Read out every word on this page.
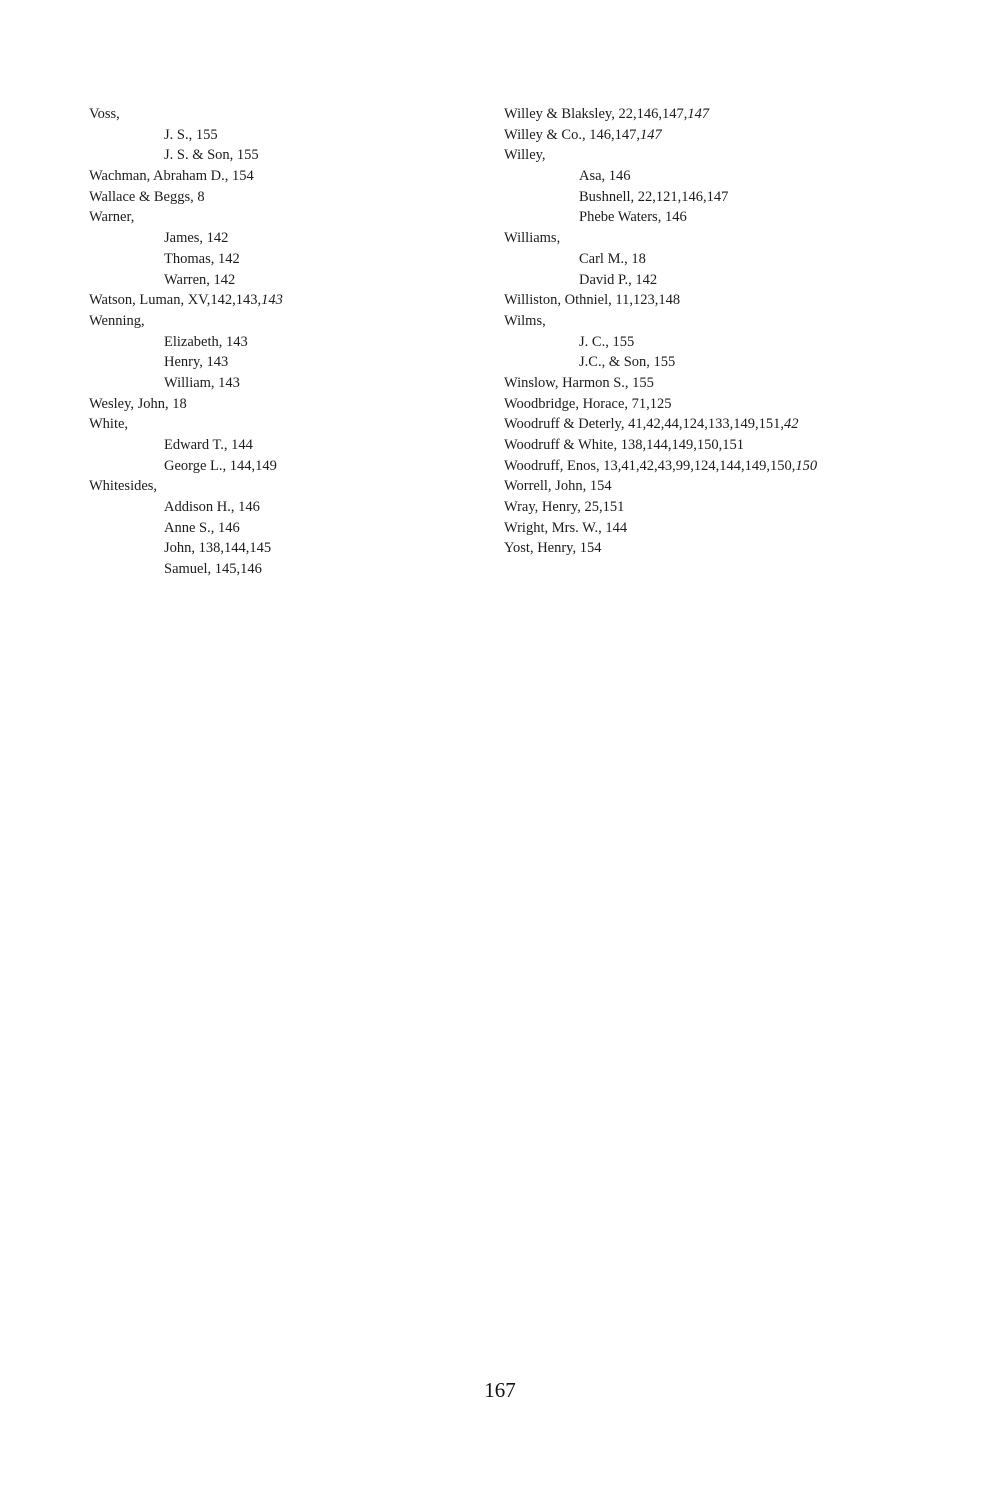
Voss,
J. S., 155
J. S. & Son, 155
Wachman, Abraham D., 154
Wallace & Beggs, 8
Warner,
James, 142
Thomas, 142
Warren, 142
Watson, Luman, XV,142,143,143
Wenning,
Elizabeth, 143
Henry, 143
William, 143
Wesley, John, 18
White,
Edward T., 144
George L., 144,149
Whitesides,
Addison H., 146
Anne S., 146
John, 138,144,145
Samuel, 145,146
Willey & Blaksley, 22,146,147,147
Willey & Co., 146,147,147
Willey,
Asa, 146
Bushnell, 22,121,146,147
Phebe Waters, 146
Williams,
Carl M., 18
David P., 142
Williston, Othniel, 11,123,148
Wilms,
J. C., 155
J.C., & Son, 155
Winslow, Harmon S., 155
Woodbridge, Horace, 71,125
Woodruff & Deterly, 41,42,44,124,133,149,151,42
Woodruff & White, 138,144,149,150,151
Woodruff, Enos, 13,41,42,43,99,124,144,149,150,150
Worrell, John, 154
Wray, Henry, 25,151
Wright, Mrs. W., 144
Yost, Henry, 154
167
